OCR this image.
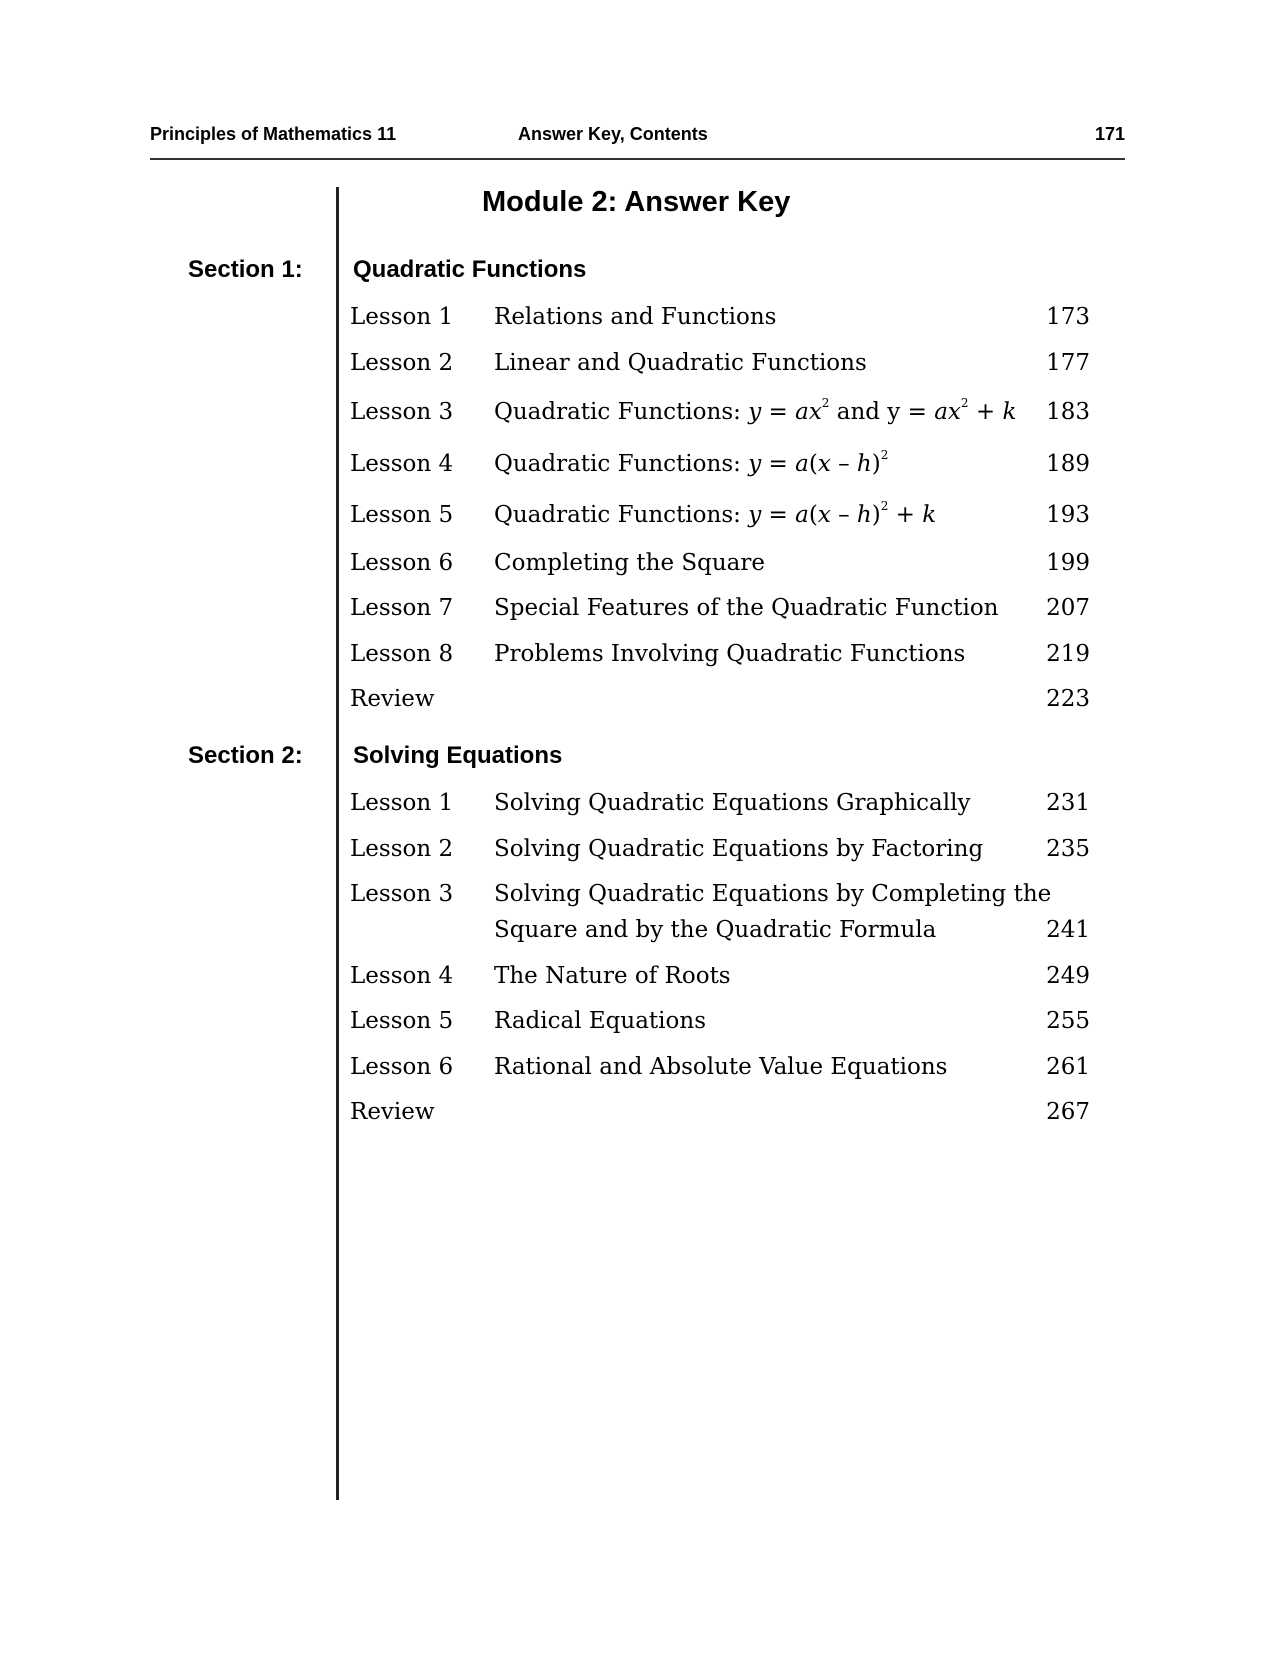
Principles of Mathematics 11	Answer Key, Contents	171
Module 2: Answer Key
Section 1: Quadratic Functions
Lesson 1 Relations and Functions	173
Lesson 2 Linear and Quadratic Functions	177
Lesson 3 Quadratic Functions: $y = ax^2$ and $y = ax^2 + k$	183
Lesson 4 Quadratic Functions: y = a(x – h)$^2$	189
Lesson 5 Quadratic Functions: y = a(x – h)$^2$ + k	193
Lesson 6 Completing the Square	199
Lesson 7 Special Features of the Quadratic Function	207
Lesson 8 Problems Involving Quadratic Functions	219
Review	223
Section 2: Solving Equations
Lesson 1 Solving Quadratic Equations Graphically	231
Lesson 2 Solving Quadratic Equations by Factoring	235
Lesson 3 Solving Quadratic Equations by Completing the
Square and by the Quadratic Formula	241
Lesson 4 The Nature of Roots	249
Lesson 5 Radical Equations	255
Lesson 6 Rational and Absolute Value Equations	261
Review	267
